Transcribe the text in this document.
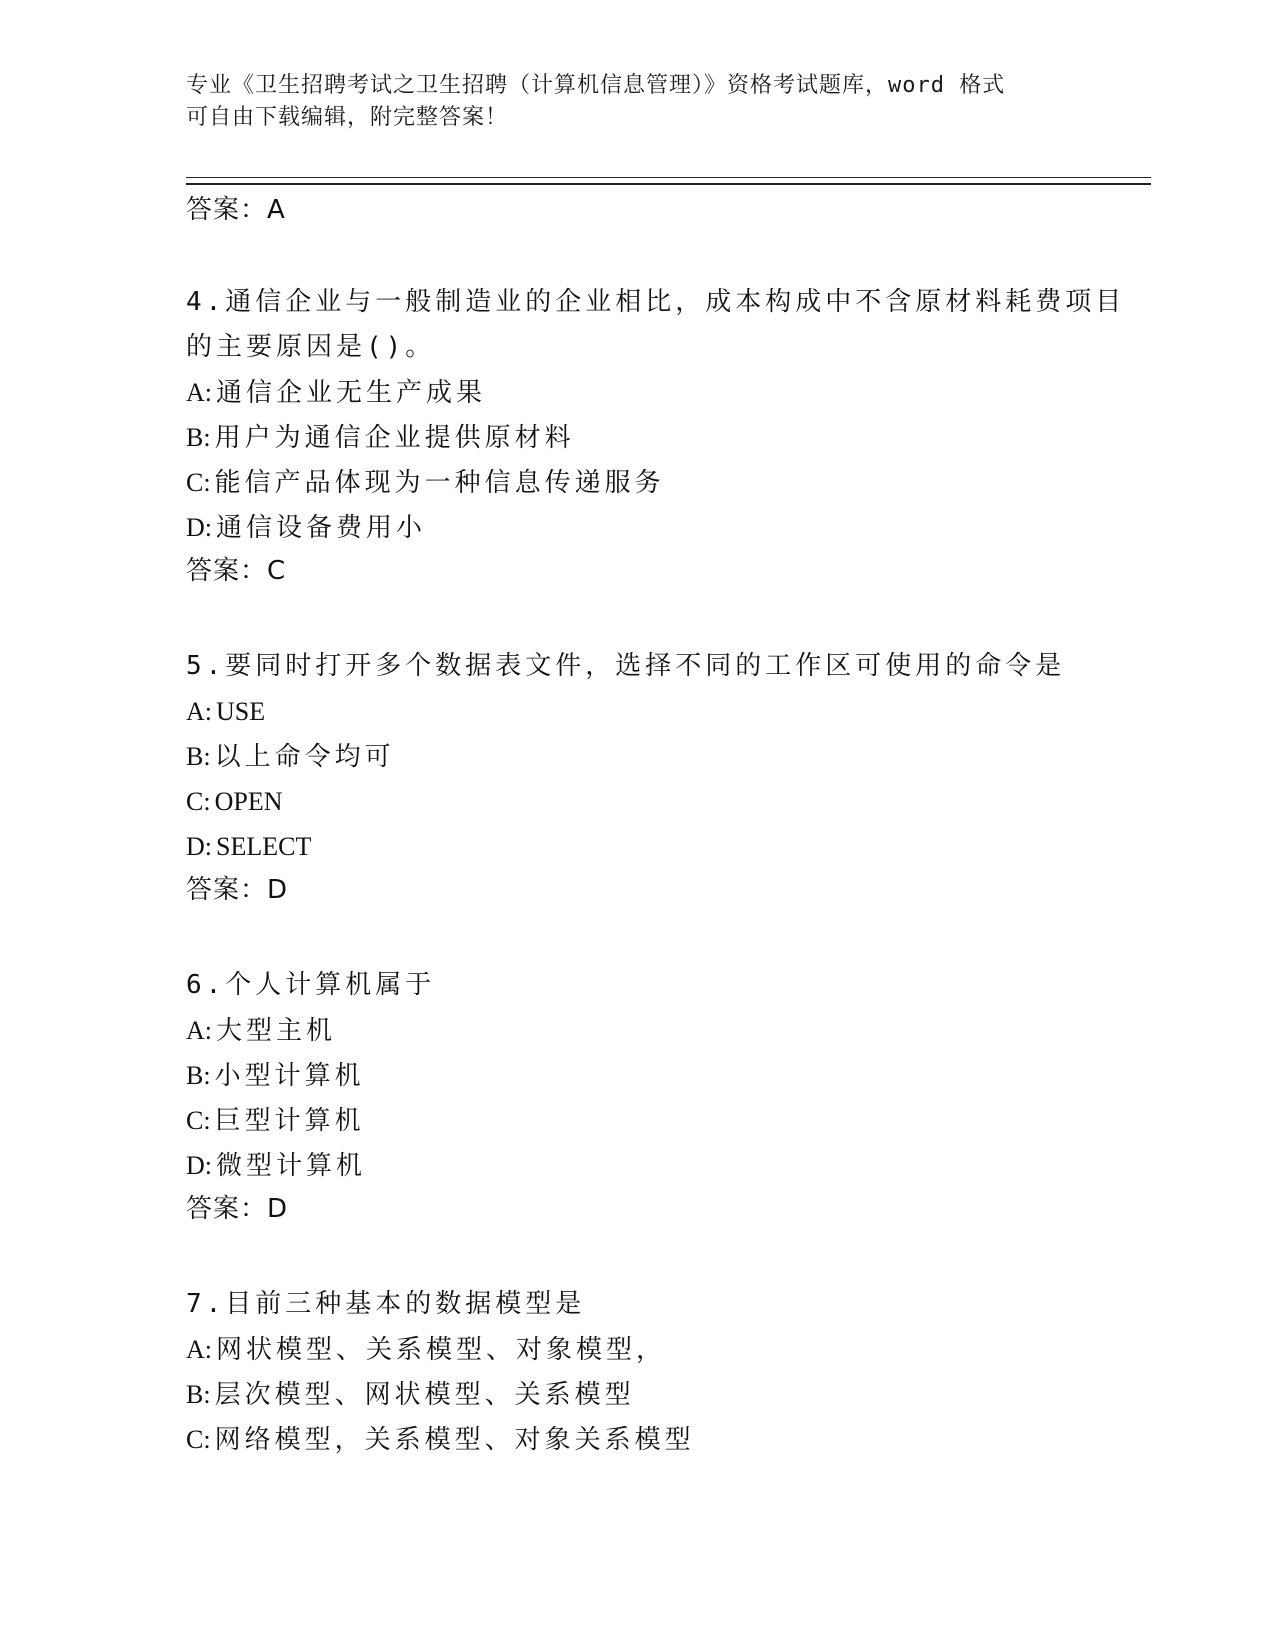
专业《卫生招聘考试之卫生招聘（计算机信息管理）》资格考试题库，word 格式
可自由下载编辑，附完整答案！
答案：A

4.通信企业与一般制造业的企业相比，成本构成中不含原材料耗费项目的主要原因是()。

A: 通信企业无生产成果
B: 用户为通信企业提供原材料
C: 能信产品体现为一种信息传递服务
D: 通信设备费用小
答案：C

5.要同时打开多个数据表文件，选择不同的工作区可使用的命令是

A: USE
B: 以上命令均可
C: OPEN
D: SELECT
答案：D

6.个人计算机属于

A: 大型主机
B: 小型计算机
C: 巨型计算机
D: 微型计算机
答案：D

7.目前三种基本的数据模型是

A: 网状模型、关系模型、对象模型，
B: 层次模型、网状模型、关系模型
C: 网络模型，关系模型、对象关系模型
